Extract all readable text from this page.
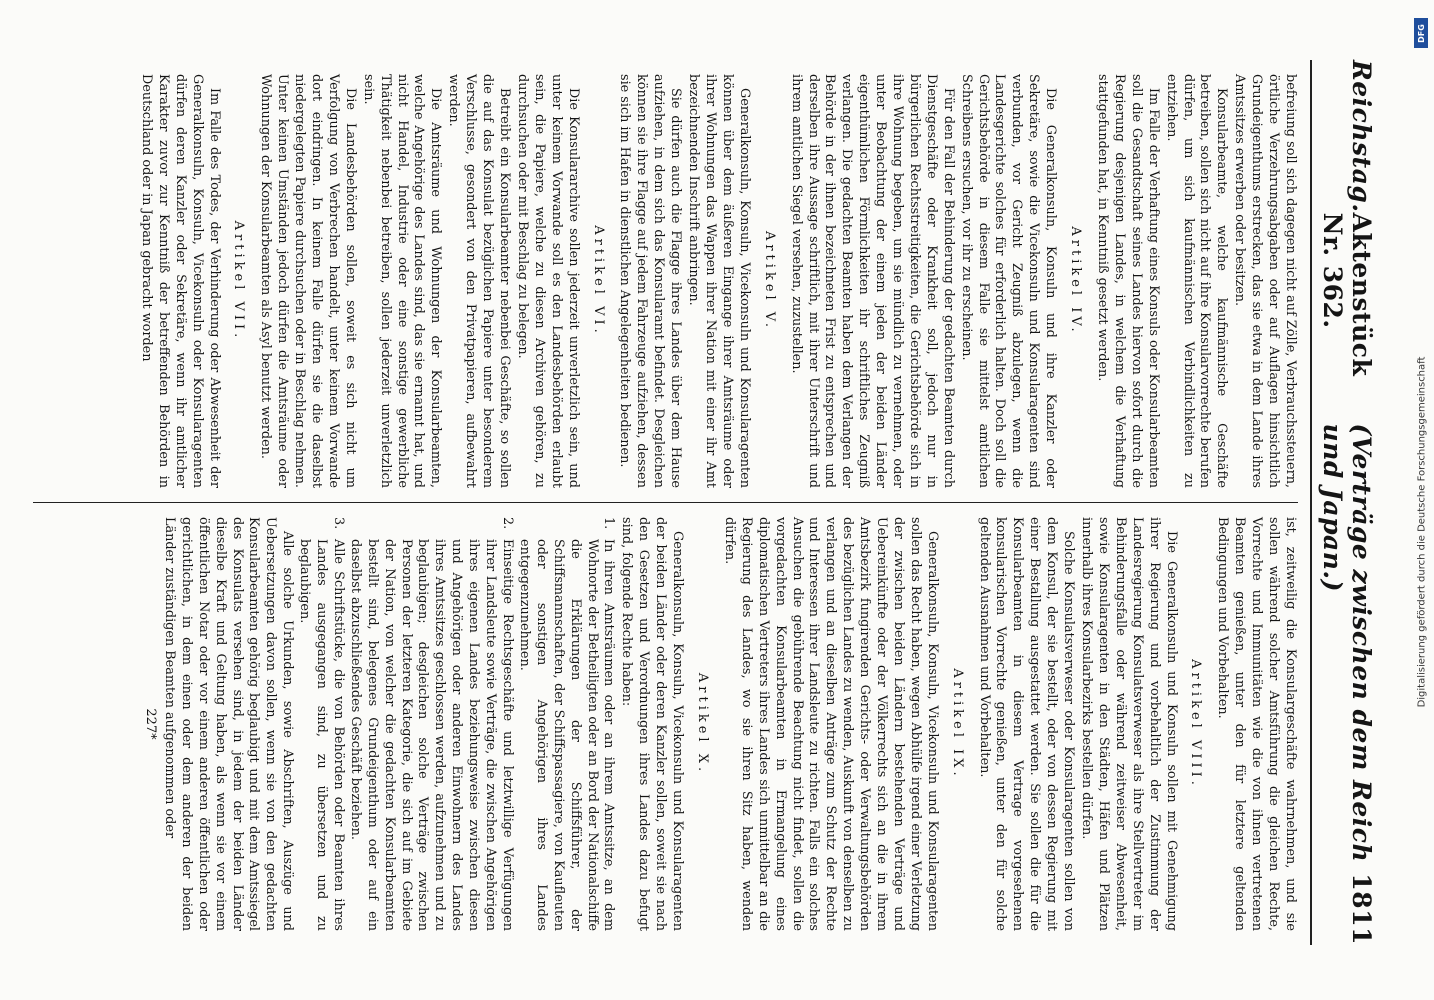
Reichstag.
Aktenstück Nr. 362.
(Verträge zwischen dem Reich und Japan.)
1811

befreiung soll sich dagegen nicht auf Zölle, Verbrauchssteuern, örtliche Verzehrungsabgaben oder auf Auflagen hinsichtlich Grundeigenthums erstrecken, das sie etwa in dem Lande ihres Amtssitzes erwerben oder besitzen.

Konsularbeamte, welche kaufmännische Geschäfte betreiben, sollen sich nicht auf ihre Konsularvorrechte berufen dürfen, um sich kaufmännischen Verbindlichkeiten zu entziehen.

Im Falle der Verhaftung eines Konsuls oder Konsularbeamten soll die Gesandtschaft seines Landes hiervon sofort durch die Regierung desjenigen Landes, in welchem die Verhaftung stattgefunden hat, in Kenntniß gesetzt werden.

Artikel IV.

Die Generalkonsuln, Konsuln und ihre Kanzler oder Sekretäre, sowie die Vicekonsuln und Konsularagenten sind verbunden, vor Gericht Zeugniß abzulegen, wenn die Landesgerichte solches für erforderlich halten. Doch soll die Gerichtsbehörde in diesem Falle sie mittelst amtlichen Schreibens ersuchen, vor ihr zu erscheinen.

Für den Fall der Behinderung der gedachten Beamten durch Dienstgeschäfte oder Krankheit soll, jedoch nur in bürgerlichen Rechtsstreitigkeiten, die Gerichtsbehörde sich in ihre Wohnung begeben, um sie mündlich zu vernehmen, oder unter Beobachtung der einem jeden der beiden Länder eigenthümlichen Förmlichkeiten ihr schriftliches Zeugniß verlangen. Die gedachten Beamten haben dem Verlangen der Behörde in der ihnen bezeichneten Frist zu entsprechen und derselben ihre Aussage schriftlich, mit ihrer Unterschrift und ihrem amtlichen Siegel versehen, zuzustellen.

Artikel V.

Generalkonsuln, Konsuln, Vicekonsuln und Konsularagenten können über dem äußeren Eingange ihrer Amtsräume oder ihrer Wohnungen das Wappen ihrer Nation mit einer ihr Amt bezeichnenden Inschrift anbringen.

Sie dürfen auch die Flagge ihres Landes über dem Hause aufziehen, in dem sich das Konsularamt befindet. Desgleichen können sie ihre Flagge auf jedem Fahrzeuge aufziehen, dessen sie sich im Hafen in dienstlichen Angelegenheiten bedienen.

Artikel VI.

Die Konsulararchive sollen jederzeit unverletzlich sein, und unter keinem Vorwande soll es den Landesbehörden erlaubt sein, die Papiere, welche zu diesen Archiven gehören, zu durchsuchen oder mit Beschlag zu belegen.

Betreibt ein Konsularbeamter nebenbei Geschäfte, so sollen die auf das Konsulat bezüglichen Papiere unter besonderem Verschlusse, gesondert von den Privatpapieren, aufbewahrt werden.

Die Amtsräume und Wohnungen der Konsularbeamten, welche Angehörige des Landes sind, das sie ernannt hat, und nicht Handel, Industrie oder eine sonstige gewerbliche Thätigkeit nebenbei betreiben, sollen jederzeit unverletzlich sein.

Die Landesbehörden sollen, soweit es sich nicht um Verfolgung von Verbrechen handelt, unter keinem Vorwande dort eindringen. In keinem Falle dürfen sie die daselbst niedergelegten Papiere durchsuchen oder in Beschlag nehmen. Unter keinen Umständen jedoch dürfen die Amtsräume oder Wohnungen der Konsularbeamten als Asyl benutzt werden.

Artikel VII.

Im Falle des Todes, der Verhinderung oder Abwesenheit der Generalkonsuln, Konsuln, Vicekonsuln oder Konsularagenten dürfen deren Kanzler oder Sekretäre, wenn ihr amtlicher Karakter zuvor zur Kenntniß der betreffenden Behörden in Deutschland oder in Japan gebracht worden

ist, zeitweilig die Konsulargeschäfte wahrnehmen, und sie sollen während solcher Amtsführung die gleichen Rechte, Vorrechte und Immunitäten wie die von ihnen vertretenen Beamten genießen, unter den für letztere geltenden Bedingungen und Vorbehalten.

Artikel VIII.

Die Generalkonsuln und Konsuln sollen mit Genehmigung ihrer Regierung und vorbehaltlich der Zustimmung der Landesregierung Konsulatsverweser als ihre Stellvertreter im Behinderungsfalle oder während zeitweiser Abwesenheit, sowie Konsularagenten in den Städten, Häfen und Plätzen innerhalb ihres Konsularbezirks bestellen dürfen.

Solche Konsulatsverweser oder Konsularagenten sollen von dem Konsul, der sie bestellt, oder von dessen Regierung mit einer Bestallung ausgestattet werden. Sie sollen die für die Konsularbeamten in diesem Vertrage vorgesehenen konsularischen Vorrechte genießen, unter den für solche geltenden Ausnahmen und Vorbehalten.

Artikel IX.

Generalkonsuln, Konsuln, Vicekonsuln und Konsularagenten sollen das Recht haben, wegen Abhülfe irgend einer Verletzung der zwischen beiden Ländern bestehenden Verträge und Uebereinkünfte oder der Völkerrechts sich an die in ihrem Amtsbezirk fungirenden Gerichts- oder Verwaltungsbehörden des bezüglichen Landes zu wenden, Auskunft von denselben zu verlangen und an dieselben Anträge zum Schutz der Rechte und Interessen ihrer Landsleute zu richten. Falls ein solches Ansuchen die gebührende Beachtung nicht findet, sollen die vorgedachten Konsularbeamten in Ermangelung eines diplomatischen Vertreters ihres Landes sich unmittelbar an die Regierung des Landes, wo sie ihren Sitz haben, wenden dürfen.

Artikel X.

Generalkonsuln, Konsuln, Vicekonsuln und Konsularagenten der beiden Länder oder deren Kanzler sollen, soweit sie nach den Gesetzen und Verordnungen ihres Landes dazu befugt sind, folgende Rechte haben:

1.
In ihren Amtsräumen oder an ihrem Amtssitze, an dem Wohnorte der Betheiligten oder an Bord der Nationalschiffe die Erklärungen der Schiffsführer, der Schiffsmannschaften, der Schiffspassagiere, von Kaufleuten oder sonstigen Angehörigen ihres Landes entgegenzunehmen.
2.
Einseitige Rechtsgeschäfte und letztwillige Verfügungen ihrer Landsleute sowie Verträge, die zwischen Angehörigen ihres eigenen Landes beziehungsweise zwischen diesen und Angehörigen oder anderen Einwohnern des Landes ihres Amtssitzes geschlossen werden, aufzunehmen und zu beglaubigen; desgleichen solche Verträge zwischen Personen der letzteren Kategorie, die sich auf im Gebiete der Nation, von welcher die gedachten Konsularbeamten bestellt sind, belegenes Grundeigenthum oder auf ein daselbst abzuschließendes Geschäft beziehen.
3.
Alle Schriftstücke, die von Behörden oder Beamten ihres Landes ausgegangen sind, zu übersetzen und zu beglaubigen.

Alle solche Urkunden, sowie Abschriften, Auszüge und Uebersetzungen davon sollen, wenn sie von den gedachten Konsularbeamten gehörig beglaubigt und mit dem Amtssiegel des Konsulats versehen sind, in jedem der beiden Länder dieselbe Kraft und Geltung haben, als wenn sie vor einem öffentlichen Notar oder vor einem anderen öffentlichen oder gerichtlichen, in dem einen oder dem anderen der beiden Länder zuständigen Beamten aufgenommen oder

227*
DFG
Digitalisierung gefördert durch die Deutsche Forschungsgemeinschaft
